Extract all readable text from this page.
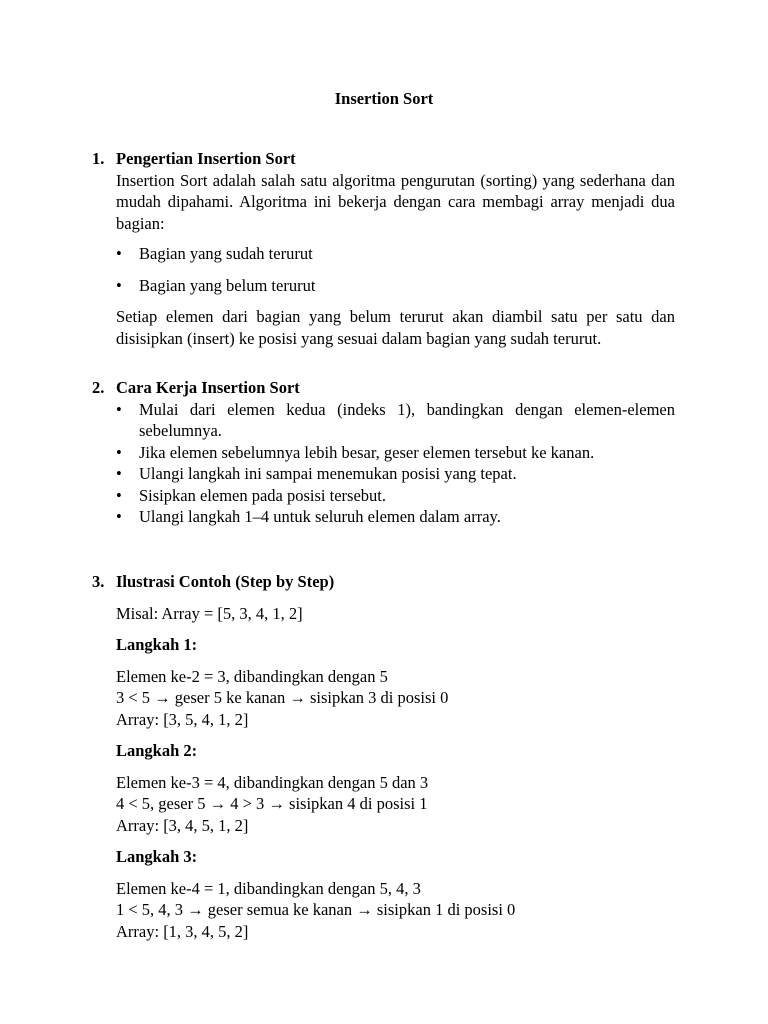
Insertion Sort
1. Pengertian Insertion Sort

Insertion Sort adalah salah satu algoritma pengurutan (sorting) yang sederhana dan mudah dipahami. Algoritma ini bekerja dengan cara membagi array menjadi dua bagian:

• Bagian yang sudah terurut
• Bagian yang belum terurut

Setiap elemen dari bagian yang belum terurut akan diambil satu per satu dan disisipkan (insert) ke posisi yang sesuai dalam bagian yang sudah terurut.

2. Cara Kerja Insertion Sort
• Mulai dari elemen kedua (indeks 1), bandingkan dengan elemen-elemen sebelumnya.
• Jika elemen sebelumnya lebih besar, geser elemen tersebut ke kanan.
• Ulangi langkah ini sampai menemukan posisi yang tepat.
• Sisipkan elemen pada posisi tersebut.
• Ulangi langkah 1–4 untuk seluruh elemen dalam array.
3. Ilustrasi Contoh (Step by Step)

Misal: Array = [5, 3, 4, 1, 2]

Langkah 1:
Elemen ke-2 = 3, dibandingkan dengan 5
3 < 5 → geser 5 ke kanan → sisipkan 3 di posisi 0
Array: [3, 5, 4, 1, 2]
Langkah 2:
Elemen ke-3 = 4, dibandingkan dengan 5 dan 3
4 < 5, geser 5 → 4 > 3 → sisipkan 4 di posisi 1
Array: [3, 4, 5, 1, 2]
Langkah 3:
Elemen ke-4 = 1, dibandingkan dengan 5, 4, 3
1 < 5, 4, 3 → geser semua ke kanan → sisipkan 1 di posisi 0
Array: [1, 3, 4, 5, 2]
